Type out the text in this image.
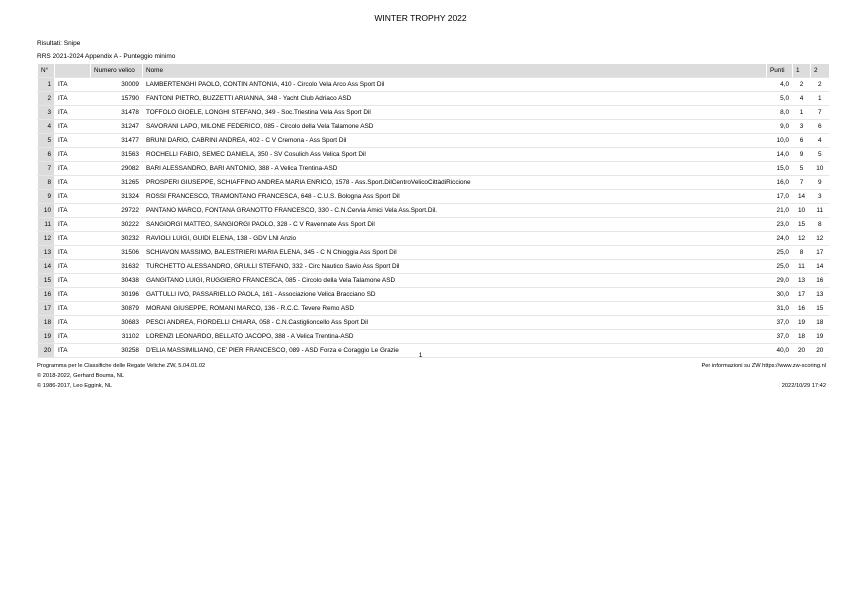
WINTER TROPHY 2022
Risultati: Snipe
RRS 2021-2024 Appendix A - Punteggio minimo
N°		Numero velico	Nome	Punti	1	2
1	ITA	30009	LAMBERTENGHI PAOLO, CONTIN ANTONIA, 410 - Circolo Vela Arco Ass Sport Dil	4,0	2	2
2	ITA	15790	FANTONI PIETRO, BUZZETTI ARIANNA, 348 - Yacht Club Adriaco ASD	5,0	4	1
3	ITA	31478	TOFFOLO GIOELE, LONGHI STEFANO, 349 - Soc.Triestina Vela Ass Sport Dil	8,0	1	7
4	ITA	31247	SAVORANI LAPO, MILONE FEDERICO, 085 - Circolo della Vela Talamone ASD	9,0	3	6
5	ITA	31477	BRUNI DARIO, CABRINI ANDREA, 402 - C V Cremona - Ass Sport Dil	10,0	6	4
6	ITA	31563	ROCHELLI FABIO, SEMEC DANIELA, 350 - SV Cosulich Ass Velica Sport Dil	14,0	9	5
7	ITA	29082	BARI ALESSANDRO, BARI ANTONIO, 388 - A Velica Trentina-ASD	15,0	5	10
8	ITA	31265	PROSPERI GIUSEPPE, SCHIAFFINO ANDREA MARIA ENRICO, 1578 - Ass.Sport.DilCentroVelicoCittàdiRiccione	16,0	7	9
9	ITA	31324	ROSSI FRANCESCO, TRAMONTANO FRANCESCA, 648 - C.U.S. Bologna Ass Sport Dil	17,0	14	3
10	ITA	29722	PANTANO MARCO, FONTANA GRANOTTO FRANCESCO, 330 - C.N.Cervia Amici Vela Ass.Sport.Dil.	21,0	10	11
11	ITA	30222	SANGIORGI MATTEO, SANGIORGI PAOLO, 328 - C V Ravennate Ass Sport Dil	23,0	15	8
12	ITA	30232	RAVIOLI LUIGI, GUIDI ELENA, 138 - GDV LNI Anzio	24,0	12	12
13	ITA	31506	SCHIAVON MASSIMO, BALESTRIERI MARIA ELENA, 345 - C N Chioggia Ass Sport Dil	25,0	8	17
14	ITA	31632	TURCHETTO ALESSANDRO, GRULLI STEFANO, 332 - Circ Nautico Savio Ass Sport Dil	25,0	11	14
15	ITA	30438	GANGITANO LUIGI, RUGGIERO FRANCESCA, 085 - Circolo della Vela Talamone ASD	29,0	13	16
16	ITA	30196	GATTULLI IVO, PASSARIELLO PAOLA, 161 - Associazione Velica Bracciano SD	30,0	17	13
17	ITA	30879	MORANI GIUSEPPE, ROMANI MARCO, 136 - R.C.C. Tevere Remo ASD	31,0	16	15
18	ITA	30683	PESCI ANDREA, FIORDELLI CHIARA, 058 - C.N.Castiglioncello Ass Sport Dil	37,0	19	18
19	ITA	31102	LORENZI LEONARDO, BELLATO JACOPO, 388 - A Velica Trentina-ASD	37,0	18	19
20	ITA	30258	D'ELIA MASSIMILIANO, CE' PIER FRANCESCO, 089 - ASD Forza e Coraggio Le Grazie	40,0	20	20
1
Programma per le Classifiche delle Regate Veliche ZW, 5.04.01.02
© 2018-2022, Gerhard Bouma, NL
© 1986-2017, Leo Eggink, NL
Per informazioni su ZW https://www.zw-scoring.nl
2022/10/29 17:42
